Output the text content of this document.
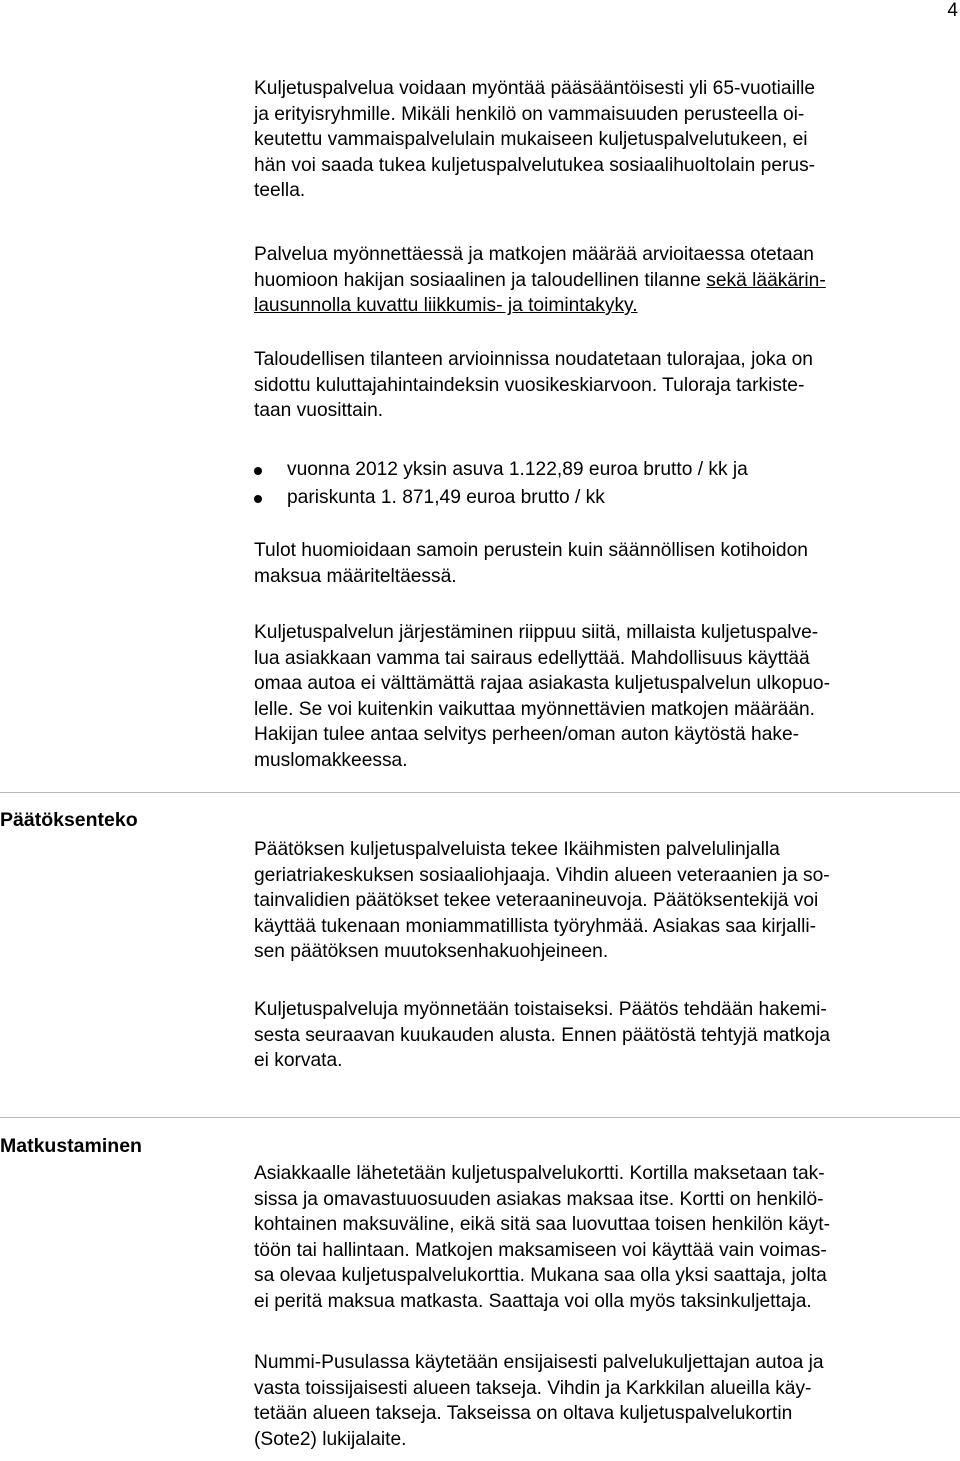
4

Kuljetuspalvelua voidaan myöntää pääsääntöisesti yli 65-vuotiaille

ja erityisryhmille. Mikäli henkilö on vammaisuuden perusteella oi-

keutettu vammaispalvelulain mukaiseen kuljetuspalvelutukeen, ei

hän voi saada tukea kuljetuspalvelutukea sosiaalihuoltolain perus-

teella.

Palvelua myönnettäessä ja matkojen määrää arvioitaessa otetaan

huomioon hakijan sosiaalinen ja taloudellinen tilanne sekä lääkärin-

lausunnolla kuvattu liikkumis- ja toimintakyky.

Taloudellisen tilanteen arvioinnissa noudatetaan tulorajaa, joka on

sidottu kuluttajahintaindeksin vuosikeskiarvoon. Tuloraja tarkiste-

taan vuosittain.

vuonna 2012 yksin asuva 1.122,89 euroa brutto / kk ja
pariskunta 1. 871,49 euroa brutto / kk

Tulot huomioidaan samoin perustein kuin säännöllisen kotihoidon

maksua määriteltäessä.

Kuljetuspalvelun järjestäminen riippuu siitä, millaista kuljetuspalve-

lua asiakkaan vamma tai sairaus edellyttää. Mahdollisuus käyttää

omaa autoa ei välttämättä rajaa asiakasta kuljetuspalvelun ulkopuo-

lelle. Se voi kuitenkin vaikuttaa myönnettävien matkojen määrään.

Hakijan tulee antaa selvitys perheen/oman auton käytöstä hake-

muslomakkeessa.

Päätöksenteko

Päätöksen kuljetuspalveluista tekee Ikäihmisten palvelulinjalla

geriatriakeskuksen sosiaaliohjaaja. Vihdin alueen veteraanien ja so-

tainvalidien päätökset tekee veteraanineuvoja. Päätöksentekijä voi

käyttää tukenaan moniammatillista työryhmää. Asiakas saa kirjalli-

sen päätöksen muutoksenhakuohjeineen.

Kuljetuspalveluja myönnetään toistaiseksi. Päätös tehdään hakemi-

sesta seuraavan kuukauden alusta. Ennen päätöstä tehtyjä matkoja

ei korvata.

Matkustaminen

Asiakkaalle lähetetään kuljetuspalvelukortti. Kortilla maksetaan tak-

sissa ja omavastuuosuuden asiakas maksaa itse. Kortti on henkilö-

kohtainen maksuväline, eikä sitä saa luovuttaa toisen henkilön käyt-

töön tai hallintaan. Matkojen maksamiseen voi käyttää vain voimas-

sa olevaa kuljetuspalvelukorttia. Mukana saa olla yksi saattaja, jolta

ei peritä maksua matkasta. Saattaja voi olla myös taksinkuljettaja.

Nummi-Pusulassa käytetään ensijaisesti palvelukuljettajan autoa ja

vasta toissijaisesti alueen takseja. Vihdin ja Karkkilan alueilla käy-

tetään alueen takseja. Takseissa on oltava kuljetuspalvelukortin

(Sote2) lukijalaite.
